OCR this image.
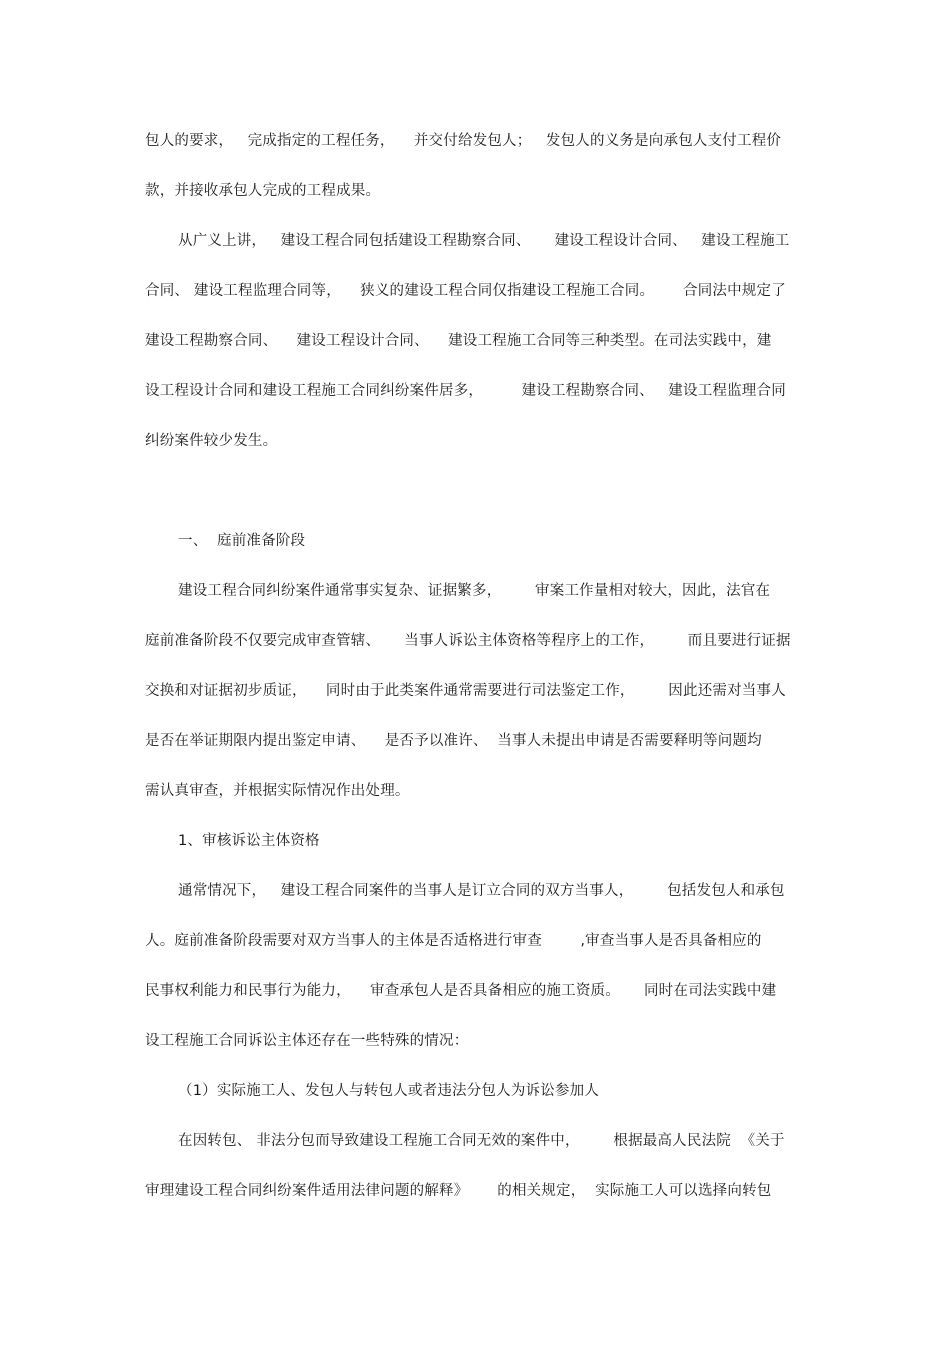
包人的要求，   完成指定的工程任务，    并交付给发包人；   发包人的义务是向承包人支付工程价
款，并接收承包人完成的工程成果。
从广义上讲，   建设工程合同包括建设工程勘察合同、     建设工程设计合同、   建设工程施工
合同、 建设工程监理合同等，    狭义的建设工程合同仅指建设工程施工合同。      合同法中规定了
建设工程勘察合同、    建设工程设计合同、    建设工程施工合同等三种类型。在司法实践中，建
设工程设计合同和建设工程施工合同纠纷案件居多，        建设工程勘察合同、   建设工程监理合同
纠纷案件较少发生。
一、  庭前准备阶段
建设工程合同纠纷案件通常事实复杂、证据繁多，       审案工作量相对较大，因此，法官在
庭前准备阶段不仅要完成审查管辖、     当事人诉讼主体资格等程序上的工作，       而且要进行证据
交换和对证据初步质证，    同时由于此类案件通常需要进行司法鉴定工作，       因此还需对当事人
是否在举证期限内提出鉴定申请、    是否予以准许、  当事人未提出申请是否需要释明等问题均
需认真审查，并根据实际情况作出处理。
1、审核诉讼主体资格
通常情况下，   建设工程合同案件的当事人是订立合同的双方当事人，       包括发包人和承包
人。庭前准备阶段需要对双方当事人的主体是否适格进行审查        ,审查当事人是否具备相应的
民事权利能力和民事行为能力，    审查承包人是否具备相应的施工资质。     同时在司法实践中建
设工程施工合同诉讼主体还存在一些特殊的情况：
（1）实际施工人、发包人与转包人或者违法分包人为诉讼参加人
在因转包、 非法分包而导致建设工程施工合同无效的案件中，       根据最高人民法院  《关于
审理建设工程合同纠纷案件适用法律问题的解释》      的相关规定，  实际施工人可以选择向转包
